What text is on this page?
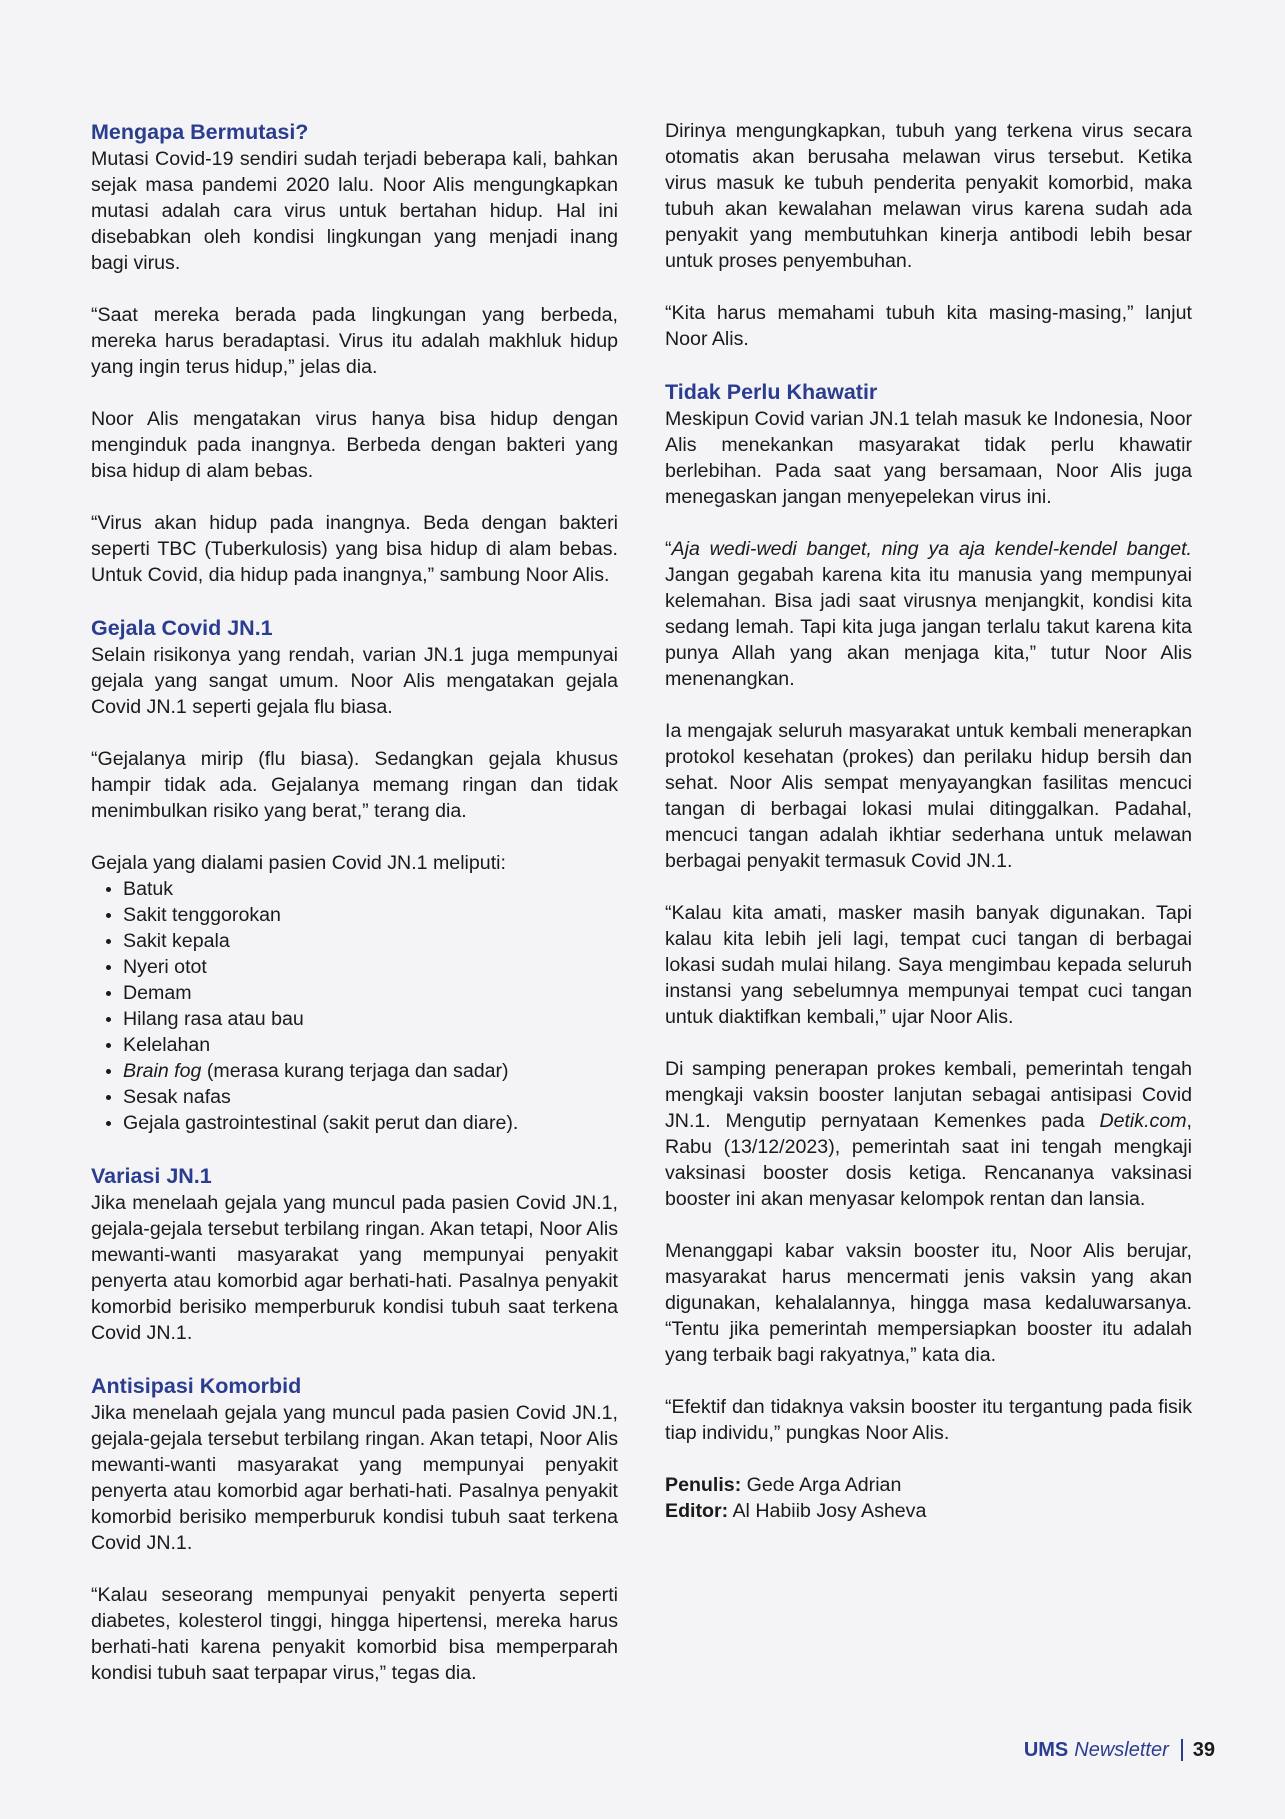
Mengapa Bermutasi?

Mutasi Covid-19 sendiri sudah terjadi beberapa kali, bahkan sejak masa pandemi 2020 lalu. Noor Alis mengungkapkan mutasi adalah cara virus untuk bertahan hidup. Hal ini disebabkan oleh kondisi lingkungan yang menjadi inang bagi virus.

“Saat mereka berada pada lingkungan yang berbeda, mereka harus beradaptasi. Virus itu adalah makhluk hidup yang ingin terus hidup,” jelas dia.

Noor Alis mengatakan virus hanya bisa hidup dengan menginduk pada inangnya. Berbeda dengan bakteri yang bisa hidup di alam bebas.

“Virus akan hidup pada inangnya. Beda dengan bakteri seperti TBC (Tuberkulosis) yang bisa hidup di alam bebas. Untuk Covid, dia hidup pada inangnya,” sambung Noor Alis.

Gejala Covid JN.1

Selain risikonya yang rendah, varian JN.1 juga mempunyai gejala yang sangat umum. Noor Alis mengatakan gejala Covid JN.1 seperti gejala flu biasa.

“Gejalanya mirip (flu biasa). Sedangkan gejala khusus hampir tidak ada. Gejalanya memang ringan dan tidak menimbulkan risiko yang berat,” terang dia.

Gejala yang dialami pasien Covid JN.1 meliputi:

• Batuk
• Sakit tenggorokan
• Sakit kepala
• Nyeri otot
• Demam
• Hilang rasa atau bau
• Kelelahan
• Brain fog (merasa kurang terjaga dan sadar)
• Sesak nafas
• Gejala gastrointestinal (sakit perut dan diare).
Variasi JN.1

Jika menelaah gejala yang muncul pada pasien Covid JN.1, gejala-gejala tersebut terbilang ringan. Akan tetapi, Noor Alis mewanti-wanti masyarakat yang mempunyai penyakit penyerta atau komorbid agar berhati-hati. Pasalnya penyakit komorbid berisiko memperburuk kondisi tubuh saat terkena Covid JN.1.

Antisipasi Komorbid

Jika menelaah gejala yang muncul pada pasien Covid JN.1, gejala-gejala tersebut terbilang ringan. Akan tetapi, Noor Alis mewanti-wanti masyarakat yang mempunyai penyakit penyerta atau komorbid agar berhati-hati. Pasalnya penyakit komorbid berisiko memperburuk kondisi tubuh saat terkena Covid JN.1.

“Kalau seseorang mempunyai penyakit penyerta seperti diabetes, kolesterol tinggi, hingga hipertensi, mereka harus berhati-hati karena penyakit komorbid bisa memperparah kondisi tubuh saat terpapar virus,” tegas dia.

Dirinya mengungkapkan, tubuh yang terkena virus secara otomatis akan berusaha melawan virus tersebut. Ketika virus masuk ke tubuh penderita penyakit komorbid, maka tubuh akan kewalahan melawan virus karena sudah ada penyakit yang membutuhkan kinerja antibodi lebih besar untuk proses penyembuhan.

“Kita harus memahami tubuh kita masing-masing,” lanjut Noor Alis.

Tidak Perlu Khawatir

Meskipun Covid varian JN.1 telah masuk ke Indonesia, Noor Alis menekankan masyarakat tidak perlu khawatir berlebihan. Pada saat yang bersamaan, Noor Alis juga menegaskan jangan menyepelekan virus ini.

“Aja wedi-wedi banget, ning ya aja kendel-kendel banget. Jangan gegabah karena kita itu manusia yang mempunyai kelemahan. Bisa jadi saat virusnya menjangkit, kondisi kita sedang lemah. Tapi kita juga jangan terlalu takut karena kita punya Allah yang akan menjaga kita,” tutur Noor Alis menenangkan.

Ia mengajak seluruh masyarakat untuk kembali menerapkan protokol kesehatan (prokes) dan perilaku hidup bersih dan sehat. Noor Alis sempat menyayangkan fasilitas mencuci tangan di berbagai lokasi mulai ditinggalkan. Padahal, mencuci tangan adalah ikhtiar sederhana untuk melawan berbagai penyakit termasuk Covid JN.1.

“Kalau kita amati, masker masih banyak digunakan. Tapi kalau kita lebih jeli lagi, tempat cuci tangan di berbagai lokasi sudah mulai hilang. Saya mengimbau kepada seluruh instansi yang sebelumnya mempunyai tempat cuci tangan untuk diaktifkan kembali,” ujar Noor Alis.

Di samping penerapan prokes kembali, pemerintah tengah mengkaji vaksin booster lanjutan sebagai antisipasi Covid JN.1. Mengutip pernyataan Kemenkes pada Detik.com, Rabu (13/12/2023), pemerintah saat ini tengah mengkaji vaksinasi booster dosis ketiga. Rencananya vaksinasi booster ini akan menyasar kelompok rentan dan lansia.

Menanggapi kabar vaksin booster itu, Noor Alis berujar, masyarakat harus mencermati jenis vaksin yang akan digunakan, kehalalannya, hingga masa kedaluwarsanya. “Tentu jika pemerintah mempersiapkan booster itu adalah yang terbaik bagi rakyatnya,” kata dia.

“Efektif dan tidaknya vaksin booster itu tergantung pada fisik tiap individu,” pungkas Noor Alis.

Penulis: Gede Arga Adrian

Editor: Al Habiib Josy Asheva

UMS Newsletter 39
